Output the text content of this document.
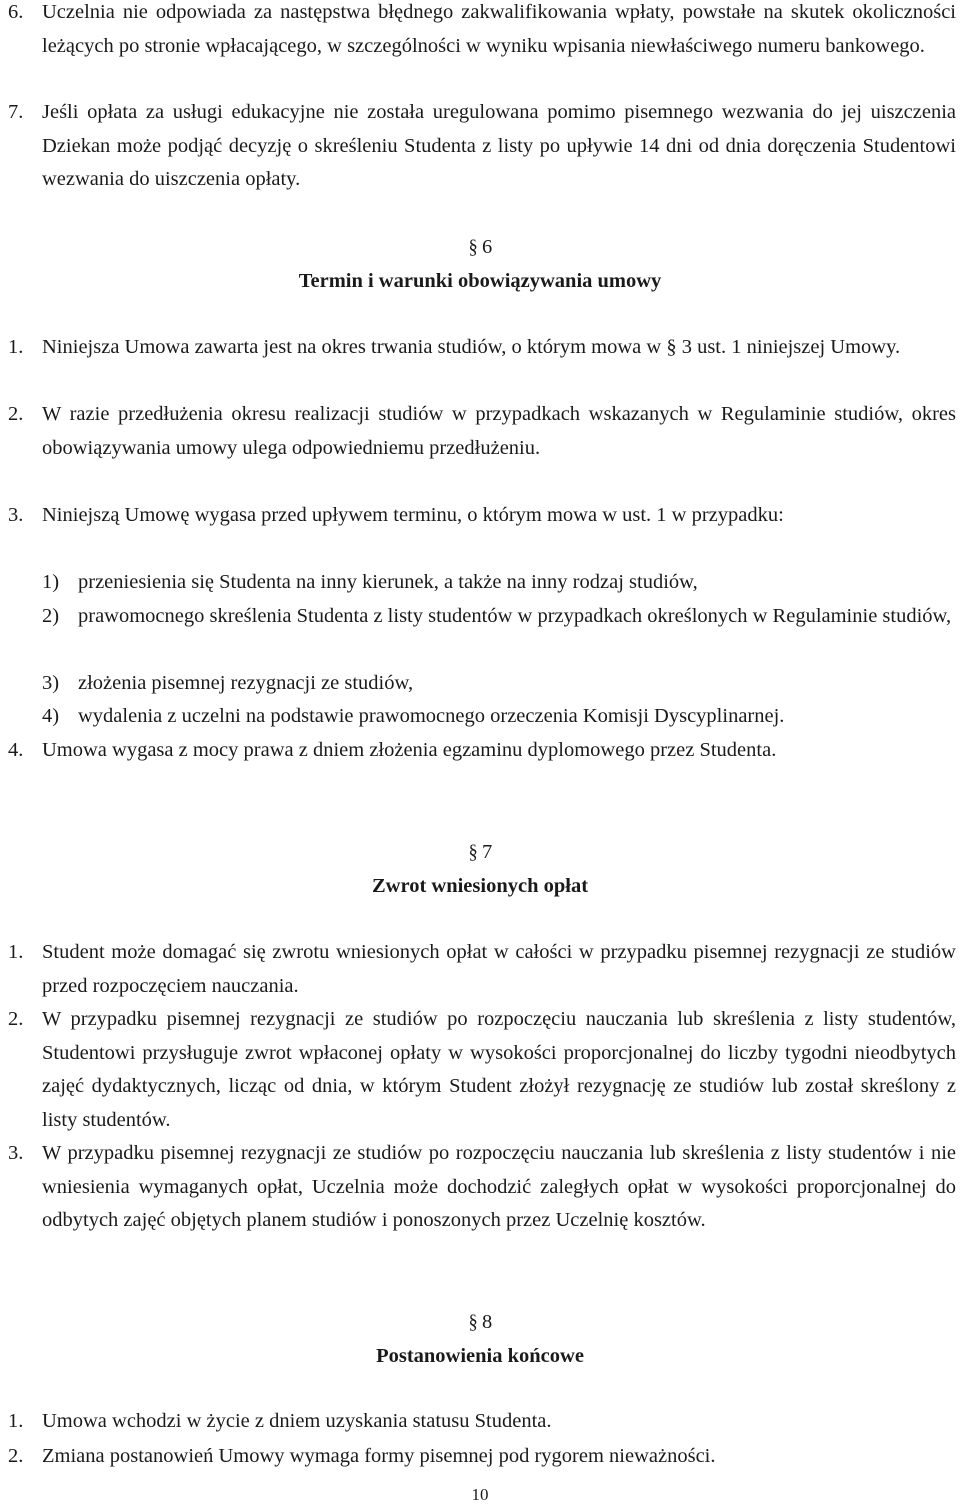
6. Uczelnia nie odpowiada za następstwa błędnego zakwalifikowania wpłaty, powstałe na skutek okoliczności leżących po stronie wpłacającego, w szczególności w wyniku wpisania niewłaściwego numeru bankowego.
7. Jeśli opłata za usługi edukacyjne nie została uregulowana pomimo pisemnego wezwania do jej uiszczenia Dziekan może podjąć decyzję o skreśleniu Studenta z listy po upływie 14 dni od dnia doręczenia Studentowi wezwania do uiszczenia opłaty.
§ 6
Termin i warunki obowiązywania umowy
1. Niniejsza Umowa zawarta jest na okres trwania studiów, o którym mowa w § 3 ust. 1 niniejszej Umowy.
2. W razie przedłużenia okresu realizacji studiów w przypadkach wskazanych w Regulaminie studiów, okres obowiązywania umowy ulega odpowiedniemu przedłużeniu.
3. Niniejszą Umowę wygasa przed upływem terminu, o którym mowa w ust. 1 w przypadku:
1) przeniesienia się Studenta na inny kierunek, a także na inny rodzaj studiów,
2) prawomocnego skreślenia Studenta z listy studentów w przypadkach określonych w Regulaminie studiów,
3) złożenia pisemnej rezygnacji ze studiów,
4) wydalenia z uczelni na podstawie prawomocnego orzeczenia Komisji Dyscyplinarnej.
4. Umowa wygasa z mocy prawa z dniem złożenia egzaminu dyplomowego przez Studenta.
§ 7
Zwrot wniesionych opłat
1. Student może domagać się zwrotu wniesionych opłat w całości w przypadku pisemnej rezygnacji ze studiów przed rozpoczęciem nauczania.
2. W przypadku pisemnej rezygnacji ze studiów po rozpoczęciu nauczania lub skreślenia z listy studentów, Studentowi przysługuje zwrot wpłaconej opłaty w wysokości proporcjonalnej do liczby tygodni nieodbytych zajęć dydaktycznych, licząc od dnia, w którym Student złożył rezygnację ze studiów lub został skreślony z listy studentów.
3. W przypadku pisemnej rezygnacji ze studiów po rozpoczęciu nauczania lub skreślenia z listy studentów i nie wniesienia wymaganych opłat, Uczelnia może dochodzić zaległych opłat w wysokości proporcjonalnej do odbytych zajęć objętych planem studiów i ponoszonych przez Uczelnię kosztów.
§ 8
Postanowienia końcowe
1. Umowa wchodzi w życie z dniem uzyskania statusu Studenta.
2. Zmiana postanowień Umowy wymaga formy pisemnej pod rygorem nieważności.
10
